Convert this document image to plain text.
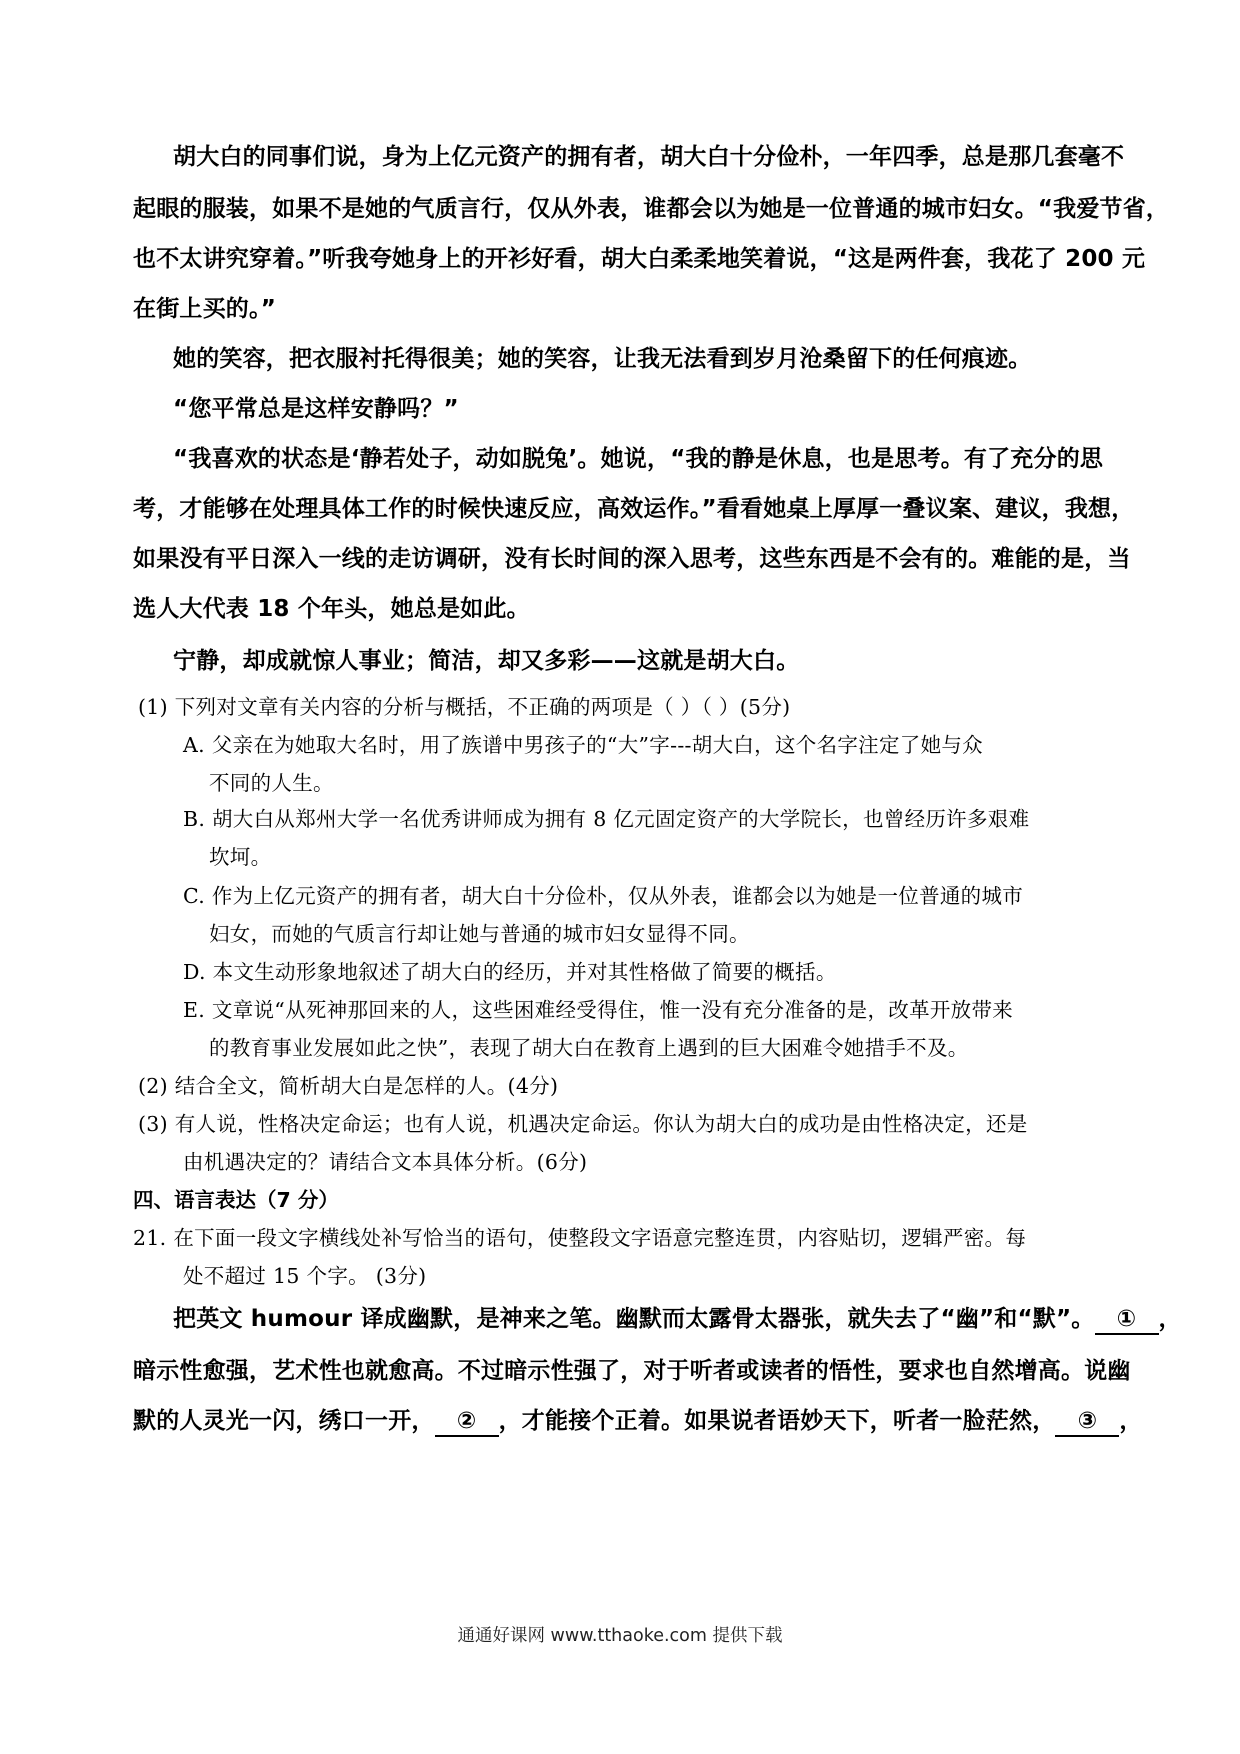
胡大白的同事们说，身为上亿元资产的拥有者，胡大白十分俭朴，一年四季，总是那几套毫不
起眼的服装，如果不是她的气质言行，仅从外表，谁都会以为她是一位普通的城市妇女。“我爱节省，
也不太讲究穿着。”听我夸她身上的开衫好看，胡大白柔柔地笑着说，“这是两件套，我花了 200 元
在街上买的。”
她的笑容，把衣服衬托得很美；她的笑容，让我无法看到岁月沧桑留下的任何痕迹。
“您平常总是这样安静吗？”
“我喜欢的状态是‘静若处子，动如脱兔’。她说，“我的静是休息，也是思考。有了充分的思
考，才能够在处理具体工作的时候快速反应，高效运作。”看看她桌上厚厚一叠议案、建议，我想，
如果没有平日深入一线的走访调研，没有长时间的深入思考，这些东西是不会有的。难能的是，当
选人大代表 18 个年头，她总是如此。
宁静，却成就惊人事业；简洁，却又多彩——这就是胡大白。
(1) 下列对文章有关内容的分析与概括，不正确的两项是（ ）（ ）(5分)
A. 父亲在为她取大名时，用了族谱中男孩子的“大”字---胡大白，这个名字注定了她与众
不同的人生。
B. 胡大白从郑州大学一名优秀讲师成为拥有 8 亿元固定资产的大学院长，也曾经历许多艰难
坎坷。
C. 作为上亿元资产的拥有者，胡大白十分俭朴，仅从外表，谁都会以为她是一位普通的城市
妇女，而她的气质言行却让她与普通的城市妇女显得不同。
D. 本文生动形象地叙述了胡大白的经历，并对其性格做了简要的概括。
E. 文章说“从死神那回来的人，这些困难经受得住，惟一没有充分准备的是，改革开放带来
的教育事业发展如此之快”，表现了胡大白在教育上遇到的巨大困难令她措手不及。
(2) 结合全文，简析胡大白是怎样的人。(4分)
(3) 有人说，性格决定命运；也有人说，机遇决定命运。你认为胡大白的成功是由性格决定，还是
由机遇决定的？请结合文本具体分析。(6分)
四、语言表达（7 分）
21. 在下面一段文字横线处补写恰当的语句，使整段文字语意完整连贯，内容贴切，逻辑严密。每
处不超过 15 个字。 (3分)
把英文 humour 译成幽默，是神来之笔。幽默而太露骨太器张，就失去了“幽”和“默”。 ① ，
暗示性愈强，艺术性也就愈高。不过暗示性强了，对于听者或读者的悟性，要求也自然增高。说幽
默的人灵光一闪，绣口一开， ② ，才能接个正着。如果说者语妙天下，听者一脸茫然， ③ ，
通通好课网 www.tthaoke.com 提供下载
